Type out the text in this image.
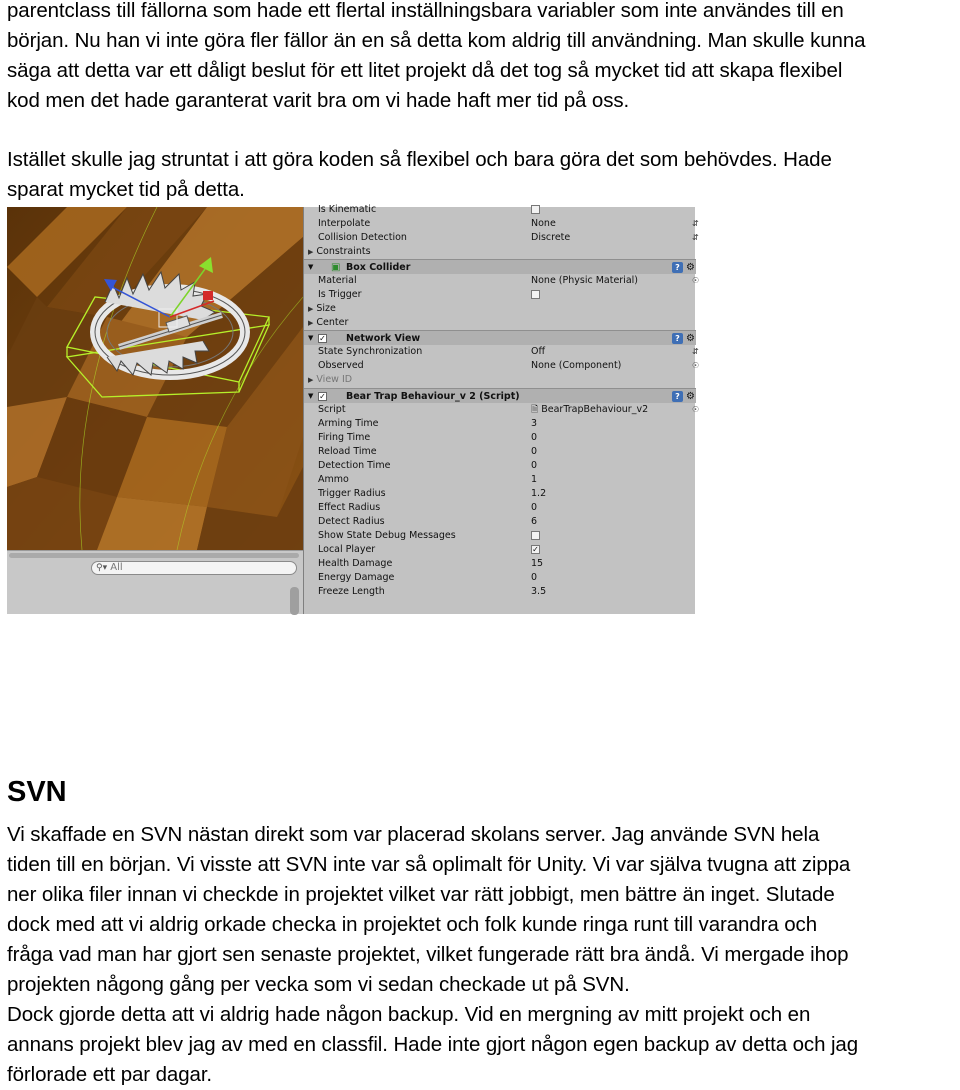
parentclass till fällorna som hade ett flertal inställningsbara variabler som inte användes till en
början. Nu han vi inte göra fler fällor än en så detta kom aldrig till användning. Man skulle kunna
säga att detta var ett dåligt beslut för ett litet projekt då det tog så mycket tid att skapa flexibel
kod men det hade garanterat varit bra om vi hade haft mer tid på oss.
Istället skulle jag struntat i att göra koden så flexibel och bara göra det som behövdes. Hade
sparat mycket tid på detta.
⚲▾ All
Is Kinematic
Interpolate	None	⇵
Collision Detection	Discrete	⇵
▶ Constraints
▼ ▣ Box Collider	? ⚙
Material	None (Physic Material)	☉
Is Trigger
▶ Size
▶ Center
▼ ✓ Network View	? ⚙
State Synchronization	Off	⇵
Observed	None (Component)	☉
▶ View ID
▼ ✓ Bear Trap Behaviour_v 2 (Script)	? ⚙
Script	🗎 BearTrapBehaviour_v2	☉
Arming Time	3
Firing Time	0
Reload Time	0
Detection Time	0
Ammo	1
Trigger Radius	1.2
Effect Radius	0
Detect Radius	6
Show State Debug Messages
Local Player	✓
Health Damage	15
Energy Damage	0
Freeze Length	3.5
SVN
Vi skaffade en SVN nästan direkt som var placerad skolans server. Jag använde SVN hela
tiden till en början. Vi visste att SVN inte var så oplimalt för Unity. Vi var själva tvugna att zippa
ner olika filer innan vi checkde in projektet vilket var rätt jobbigt, men bättre än inget. Slutade
dock med att vi aldrig orkade checka in projektet och folk kunde ringa runt till varandra och
fråga vad man har gjort sen senaste projektet, vilket fungerade rätt bra ändå. Vi mergade ihop
projekten någong gång per vecka som vi sedan checkade ut på SVN.
Dock gjorde detta att vi aldrig hade någon backup. Vid en mergning av mitt projekt och en
annans projekt blev jag av med en classfil. Hade inte gjort någon egen backup av detta och jag
förlorade ett par dagar.
